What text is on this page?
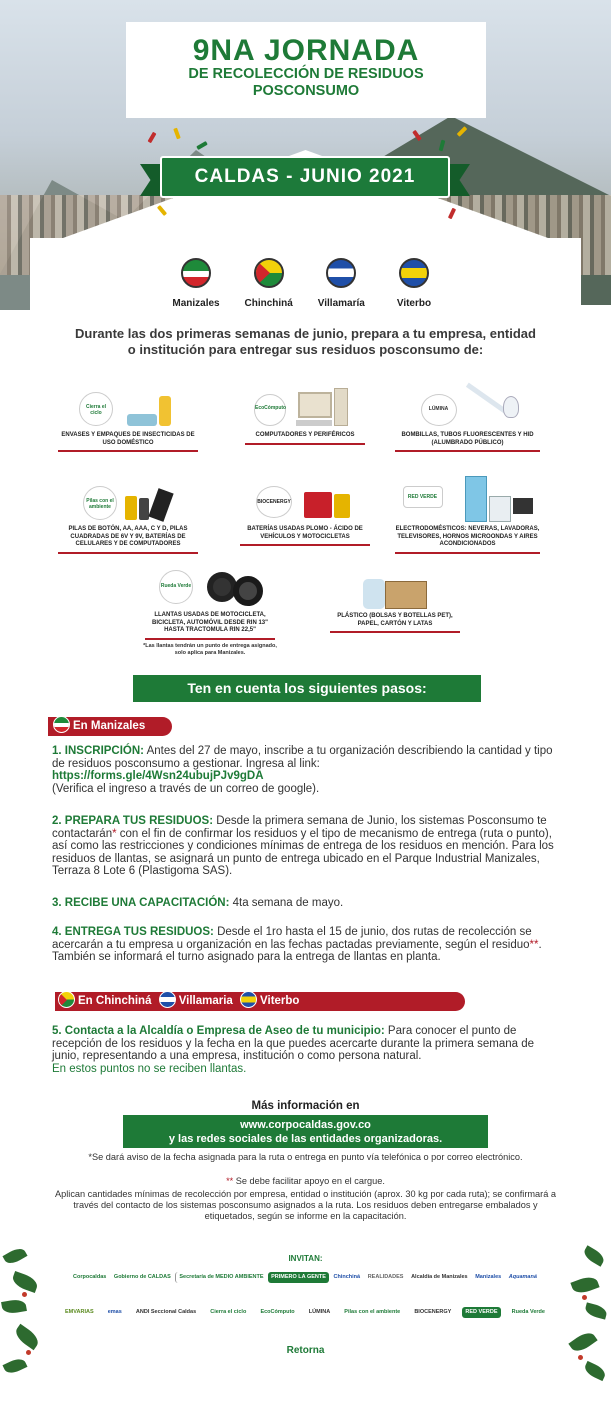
9NA JORNADA
DE RECOLECCIÓN DE RESIDUOS
POSCONSUMO
CALDAS - JUNIO 2021
Manizales	Chinchiná	Villamaría	Viterbo
Durante las dos primeras semanas de junio, prepara a tu empresa, entidad o institución para entregar sus residuos posconsumo de:
Cierra el ciclo
ENVASES Y EMPAQUES DE INSECTICIDAS DE USO DOMÉSTICO
EcoCómputo
COMPUTADORES Y PERIFÉRICOS
LÚMINA
BOMBILLAS, TUBOS FLUORESCENTES Y HID (ALUMBRADO PÚBLICO)
Pilas con el ambiente
PILAS DE BOTÓN, AA, AAA, C Y D, PILAS CUADRADAS DE 6V Y 9V, BATERÍAS DE CELULARES Y DE COMPUTADORES
BIOCENERGY
BATERÍAS USADAS PLOMO - ÁCIDO DE VEHÍCULOS Y MOTOCICLETAS
RED VERDE
ELECTRODOMÉSTICOS: NEVERAS, LAVADORAS, TELEVISORES, HORNOS MICROONDAS Y AIRES ACONDICIONADOS
Rueda Verde
LLANTAS USADAS DE MOTOCICLETA, BICICLETA, AUTOMÓVIL DESDE RIN 13" HASTA TRACTOMULA RIN 22,5"
*Las llantas tendrán un punto de entrega asignado, solo aplica para Manizales.
PLÁSTICO (BOLSAS Y BOTELLAS PET), PAPEL, CARTÓN Y LATAS
Ten en cuenta los siguientes pasos:
En Manizales
1. INSCRIPCIÓN: Antes del 27 de mayo, inscribe a tu organización describiendo la cantidad y tipo de residuos posconsumo a gestionar. Ingresa al link:
https://forms.gle/4Wsn24ubujPJv9gDA
(Verifica el ingreso a través de un correo de google).
2. PREPARA TUS RESIDUOS: Desde la primera semana de Junio, los sistemas Posconsumo te contactarán* con el fin de confirmar los residuos y el tipo de mecanismo de entrega (ruta o punto), así como las restricciones y condiciones mínimas de entrega de los residuos en mención. Para los residuos de llantas, se asignará un punto de entrega ubicado en el Parque Industrial Manizales, Terraza 8 Lote 6 (Plastigoma SAS).
3. RECIBE UNA CAPACITACIÓN: 4ta semana de mayo.
4. ENTREGA TUS RESIDUOS: Desde el 1ro hasta el 15 de junio, dos rutas de recolección se acercarán a tu empresa u organización en las fechas pactadas previamente, según el residuo**. También se informará el turno asignado para la entrega de llantas en planta.
En Chinchiná Villamaria Viterbo
5. Contacta a la Alcaldía o Empresa de Aseo de tu municipio: Para conocer el punto de recepción de los residuos y la fecha en la que puedes acercarte durante la primera semana de junio, representando a una empresa, institución o como persona natural.
En estos puntos no se reciben llantas.
Más información en
www.corpocaldas.gov.co
y las redes sociales de las entidades organizadoras.
*Se dará aviso de la fecha asignada para la ruta o entrega en punto vía telefónica o por correo electrónico.
** Se debe facilitar apoyo en el cargue.
Aplican cantidades mínimas de recolección por empresa, entidad o institución (aprox. 30 kg por cada ruta); se confirmará a través del contacto de los sistemas posconsumo asignados a la ruta. Los residuos deben entregarse embalados y etiquetados, según se informe en la capacitación.
INVITAN:
Corpocaldas	Gobierno de CALDAS	Secretaría de MEDIO AMBIENTE	PRIMERO LA GENTE	Chinchiná	REALIDADES	Alcaldía de Manizales	Manizales	Aquamaná
EMVARIAS	emas	ANDI Seccional Caldas	Cierra el ciclo	EcoCómputo	LÚMINA	Pilas con el ambiente	BIOCENERGY	RED VERDE	Rueda Verde
Retorna
